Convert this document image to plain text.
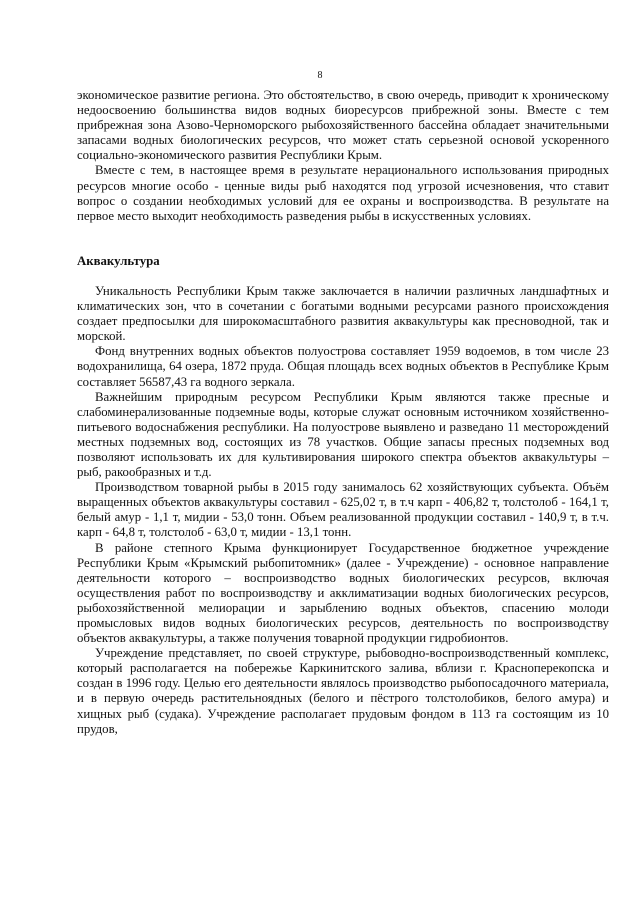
8

экономическое развитие региона. Это обстоятельство, в свою очередь, приводит к хроническому недоосвоению большинства видов водных биоресурсов прибрежной зоны. Вместе с тем прибрежная зона Азово-Черноморского рыбохозяйственного бассейна обладает значительными запасами водных биологических ресурсов, что может стать серьезной основой ускоренного социально-экономического развития Республики Крым.

Вместе с тем, в настоящее время в результате нерационального использования природных ресурсов многие особо - ценные виды рыб находятся под угрозой исчезновения, что ставит вопрос о создании необходимых условий для ее охраны и воспроизводства. В результате на первое место выходит необходимость разведения рыбы в искусственных условиях.

Аквакультура

Уникальность Республики Крым также заключается в наличии различных ландшафтных и климатических зон, что в сочетании с богатыми водными ресурсами разного происхождения создает предпосылки для широкомасштабного развития аквакультуры как пресноводной, так и морской.

Фонд внутренних водных объектов полуострова составляет 1959 водоемов, в том числе 23 водохранилища, 64 озера, 1872 пруда. Общая площадь всех водных объектов в Республике Крым составляет 56587,43 га водного зеркала.

Важнейшим природным ресурсом Республики Крым являются также пресные и слабоминерализованные подземные воды, которые служат основным источником хозяйственно-питьевого водоснабжения республики. На полуострове выявлено и разведано 11 месторождений местных подземных вод, состоящих из 78 участков. Общие запасы пресных подземных вод позволяют использовать их для культивирования широкого спектра объектов аквакультуры – рыб, ракообразных и т.д.

Производством товарной рыбы в 2015 году занималось 62 хозяйствующих субъекта. Объём выращенных объектов аквакультуры составил - 625,02 т, в т.ч карп - 406,82 т, толстолоб - 164,1 т, белый амур - 1,1 т, мидии - 53,0 тонн. Объем реализованной продукции составил - 140,9 т, в т.ч. карп - 64,8 т, толстолоб - 63,0 т, мидии - 13,1 тонн.

В районе степного Крыма функционирует Государственное бюджетное учреждение Республики Крым «Крымский рыбопитомник» (далее - Учреждение) - основное направление деятельности которого – воспроизводство водных биологических ресурсов, включая осуществления работ по воспроизводству и акклиматизации водных биологических ресурсов, рыбохозяйственной мелиорации и зарыблению водных объектов, спасению молоди промысловых видов водных биологических ресурсов, деятельность по воспроизводству объектов аквакультуры, а также получения товарной продукции гидробионтов.

Учреждение представляет, по своей структуре, рыбоводно-воспроизводственный комплекс, который располагается на побережье Каркинитского залива, вблизи г. Красноперекопска и создан в 1996 году. Целью его деятельности являлось производство рыбопосадочного материала, и в первую очередь растительноядных (белого и пёстрого толстолобиков, белого амура) и хищных рыб (судака). Учреждение располагает прудовым фондом в 113 га состоящим из 10 прудов,
